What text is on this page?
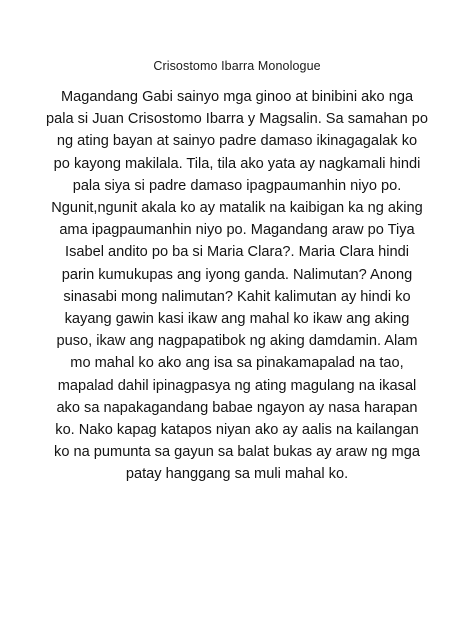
Crisostomo Ibarra Monologue
Magandang Gabi sainyo mga ginoo at binibini ako nga
pala si Juan Crisostomo Ibarra y Magsalin. Sa samahan po
ng ating bayan at sainyo padre damaso ikinagagalak ko
po kayong makilala. Tila, tila ako yata ay nagkamali hindi
pala siya si padre damaso ipagpaumanhin niyo po.
Ngunit,ngunit akala ko ay matalik na kaibigan ka ng aking
ama ipagpaumanhin niyo po. Magandang araw po Tiya
Isabel andito po ba si Maria Clara?. Maria Clara hindi
parin kumukupas ang iyong ganda. Nalimutan? Anong
sinasabi mong nalimutan? Kahit kalimutan ay hindi ko
kayang gawin kasi ikaw ang mahal ko ikaw ang aking
puso, ikaw ang nagpapatibok ng aking damdamin. Alam
mo mahal ko ako ang isa sa pinakamapalad na tao,
mapalad dahil ipinagpasya ng ating magulang na ikasal
ako sa napakagandang babae ngayon ay nasa harapan
ko. Nako kapag katapos niyan ako ay aalis na kailangan
ko na pumunta sa gayun sa balat bukas ay araw ng mga
patay hanggang sa muli mahal ko.
